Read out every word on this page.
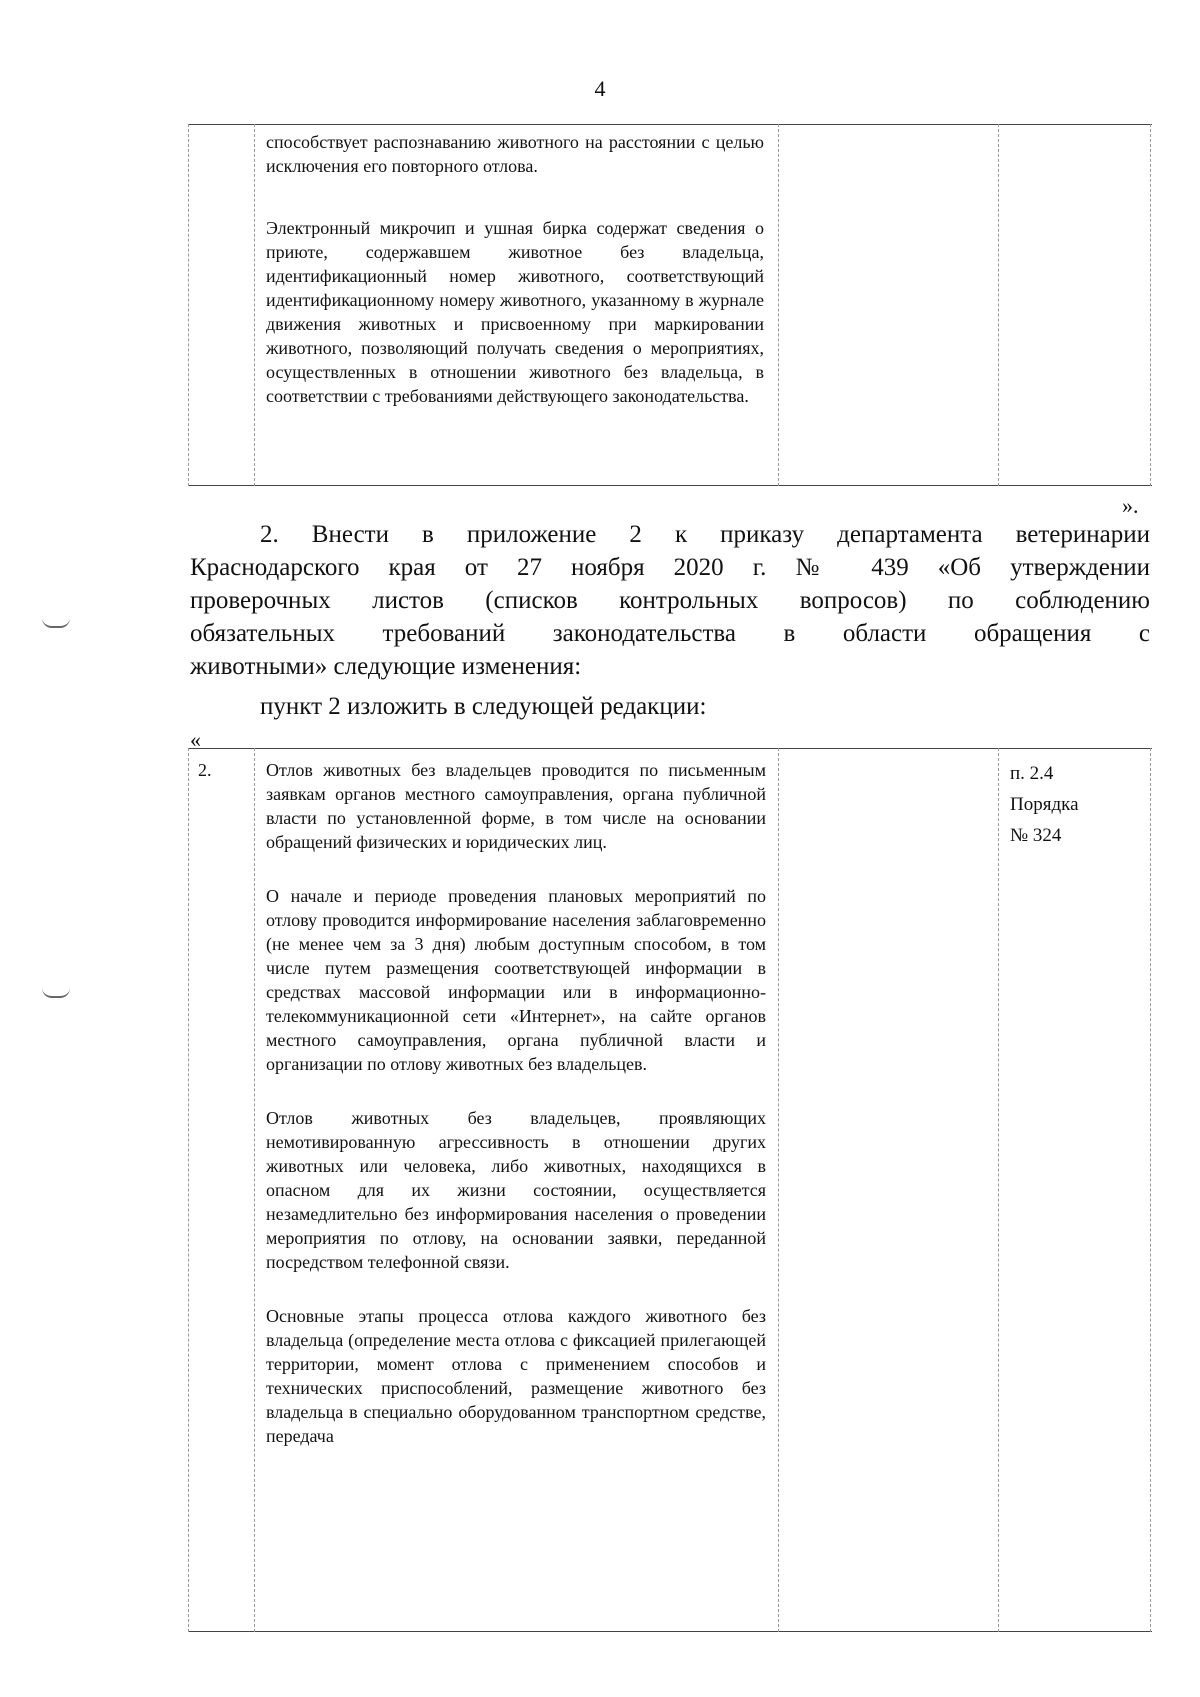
4

способствует распознаванию животного на расстоянии с целью исключения его повторного отлова.

Электронный микрочип и ушная бирка содержат сведения о приюте, содержавшем животное без владельца, идентификационный номер животного, соответствующий идентификационному номеру животного, указанному в журнале движения животных и присвоенному при маркировании животного, позволяющий получать сведения о мероприятиях, осуществленных в отношении животного без владельца, в соответствии с требованиями действующего законодательства.

».

2. Внести в приложение 2 к приказу департамента ветеринарии

Краснодарского края от 27 ноября 2020 г. № 439 «Об утверждении

проверочных листов (списков контрольных вопросов) по соблюдению

обязательных требований законодательства в области обращения с

животными» следующие изменения:

пункт 2 изложить в следующей редакции:
«
2.	Отлов животных без владельцев проводится по письменным заявкам органов местного самоуправления, органа публичной власти по установленной форме, в том числе на основании обращений физических и юридических лиц.

О начале и периоде проведения плановых мероприятий по отлову проводится информирование населения заблаговременно (не менее чем за 3 дня) любым доступным способом, в том числе путем размещения соответствующей информации в средствах массовой информации или в информационно-телекоммуникационной сети «Интернет», на сайте органов местного самоуправления, органа публичной власти и организации по отлову животных без владельцев.

Отлов животных без владельцев, проявляющих немотивированную агрессивность в отношении других животных или человека, либо животных, находящихся в опасном для их жизни состоянии, осуществляется незамедлительно без информирования населения о проведении мероприятия по отлову, на основании заявки, переданной посредством телефонной связи.

Основные этапы процесса отлова каждого животного без владельца (определение места отлова с фиксацией прилегающей территории, момент отлова с применением способов и технических приспособлений, размещение животного без владельца в специально оборудованном транспортном средстве, передача

п. 2.4
Порядка
№ 324
